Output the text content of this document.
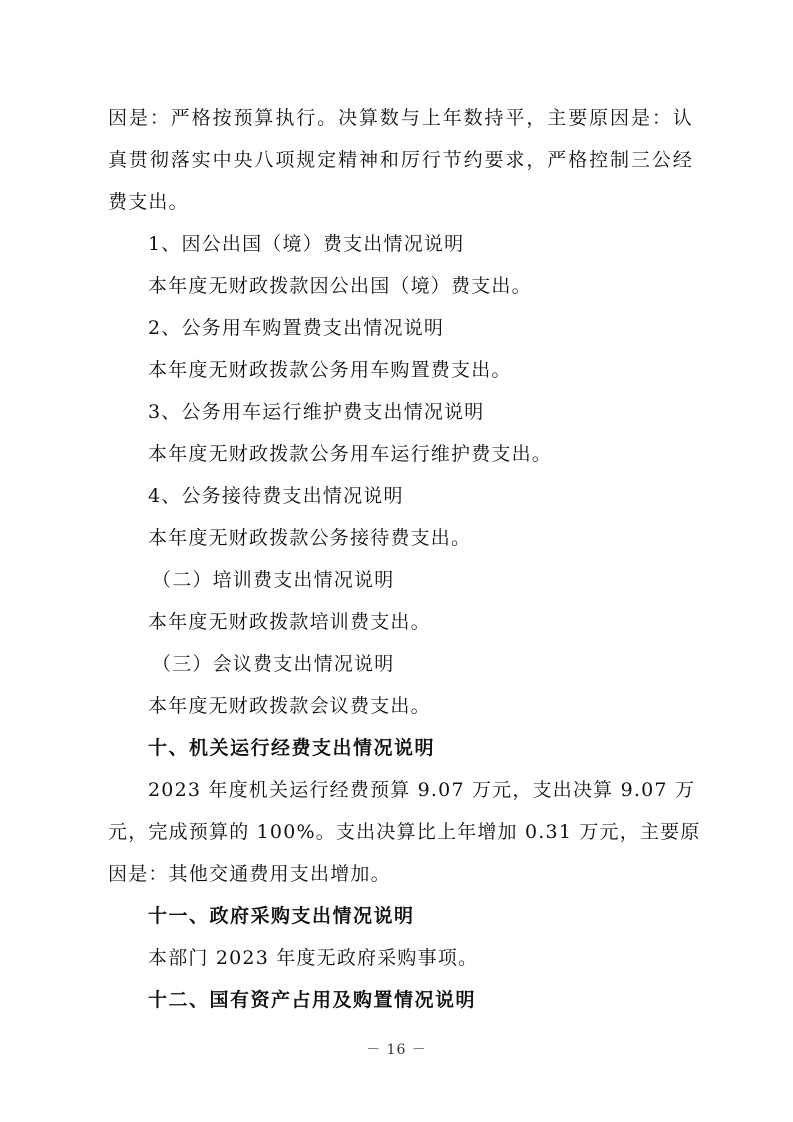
因是：严格按预算执行。决算数与上年数持平，主要原因是：认
真贯彻落实中央八项规定精神和厉行节约要求，严格控制三公经
费支出。
1、因公出国（境）费支出情况说明
本年度无财政拨款因公出国（境）费支出。
2、公务用车购置费支出情况说明
本年度无财政拨款公务用车购置费支出。
3、公务用车运行维护费支出情况说明
本年度无财政拨款公务用车运行维护费支出。
4、公务接待费支出情况说明
本年度无财政拨款公务接待费支出。
（二）培训费支出情况说明
本年度无财政拨款培训费支出。
（三）会议费支出情况说明
本年度无财政拨款会议费支出。
十、机关运行经费支出情况说明
2023 年度机关运行经费预算 9.07 万元，支出决算 9.07 万
元，完成预算的 100%。支出决算比上年增加 0.31 万元，主要原
因是：其他交通费用支出增加。
十一、政府采购支出情况说明
本部门 2023 年度无政府采购事项。
十二、国有资产占用及购置情况说明
－ 16 －
